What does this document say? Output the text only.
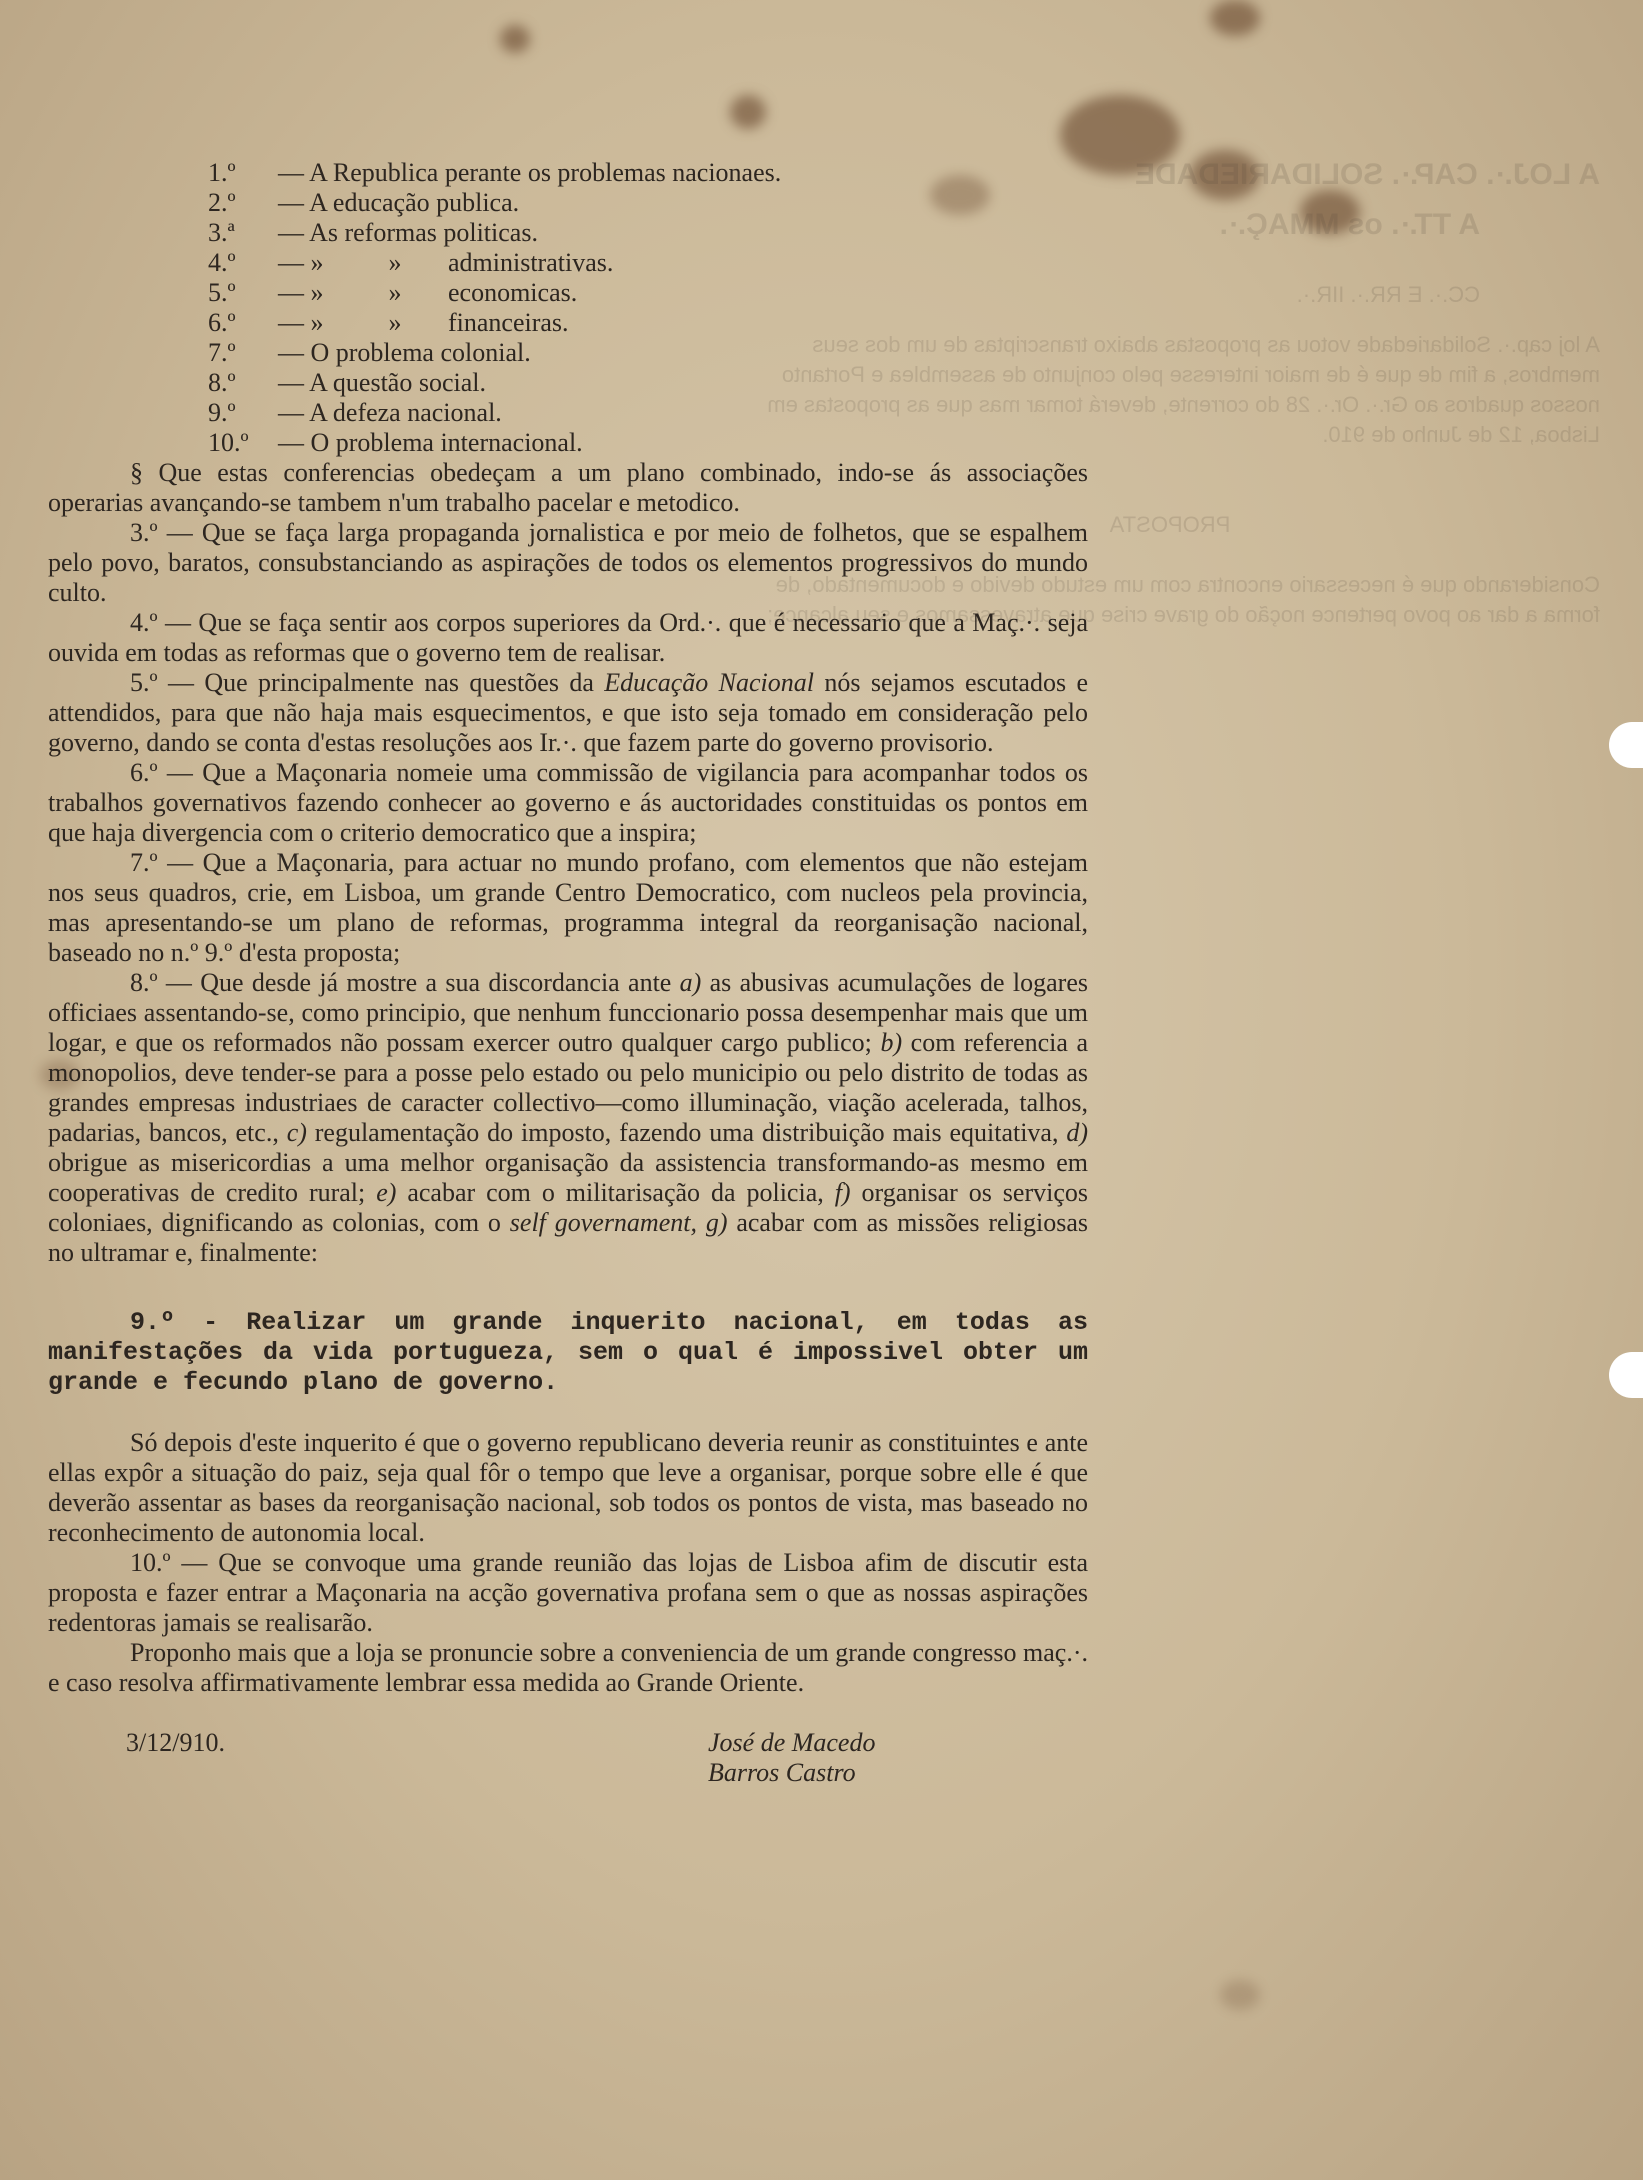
A LOJ.·. CAP.·. SOLIDARIEDADE
A TT.·. os MMAÇ.·.
CC.·. E RR.·. IIR.·.
A loj cap.·. Solidariedade votou as propostas abaixo transcriptas de um dos seus membros, a fim de que é de maior interesse pelo conjunto de assemblea e Portanto nossos quadros ao Gr.·. Or.·. 28 do corrente, deverá tomar mas que as propostas em Lisboa, 12 de Junho de 910.
PROPOSTA
Considerando que é necessario encontra com um estudo devido e documentado, de forma a dar ao povo pertence noção do grave crise que atravessamos e seu alcance;
1.º — A Republica perante os problemas nacionaes.
2.º — A educação publica.
3.ª — As reformas politicas.
4.º — »          » administrativas.
5.º — »          » economicas.
6.º — »          » financeiras.
7.º — O problema colonial.
8.º — A questão social.
9.º — A defeza nacional.
10.º — O problema internacional.

§ Que estas conferencias obedeçam a um plano combinado, indo-se ás associações operarias avançando-se tambem n'um trabalho pacelar e metodico.

3.º — Que se faça larga propaganda jornalistica e por meio de folhetos, que se espalhem pelo povo, baratos, consubstanciando as aspirações de todos os elementos progressivos do mundo culto.

4.º — Que se faça sentir aos corpos superiores da Ord.·. que é necessario que a Maç.·. seja ouvida em todas as reformas que o governo tem de realisar.

5.º — Que principalmente nas questões da Educação Nacional nós sejamos escutados e attendidos, para que não haja mais esquecimentos, e que isto seja tomado em consideração pelo governo, dando se conta d'estas resoluções aos Ir.·. que fazem parte do governo provisorio.

6.º — Que a Maçonaria nomeie uma commissão de vigilancia para acompanhar todos os trabalhos governativos fazendo conhecer ao governo e ás auctoridades constituidas os pontos em que haja divergencia com o criterio democratico que a inspira;

7.º — Que a Maçonaria, para actuar no mundo profano, com elementos que não estejam nos seus quadros, crie, em Lisboa, um grande Centro Democratico, com nucleos pela provincia, mas apresentando-se um plano de reformas, programma integral da reorganisação nacional, baseado no n.º 9.º d'esta proposta;

8.º — Que desde já mostre a sua discordancia ante a) as abusivas acumulações de logares officiaes assentando-se, como principio, que nenhum funccionario possa desempenhar mais que um logar, e que os reformados não possam exercer outro qualquer cargo publico; b) com referencia a monopolios, deve tender-se para a posse pelo estado ou pelo municipio ou pelo distrito de todas as grandes empresas industriaes de caracter collectivo—como illuminação, viação acelerada, talhos, padarias, bancos, etc., c) regulamentação do imposto, fazendo uma distribuição mais equitativa, d) obrigue as misericordias a uma melhor organisação da assistencia transformando-as mesmo em cooperativas de credito rural; e) acabar com o militarisação da policia, f) organisar os serviços coloniaes, dignificando as colonias, com o self governament, g) acabar com as missões religiosas no ultramar e, finalmente:

9.º - Realizar um grande inquerito nacional, em todas as manifestações da vida portugueza, sem o qual é impossivel obter um grande e fecundo plano de governo.

Só depois d'este inquerito é que o governo republicano deveria reunir as constituintes e ante ellas expôr a situação do paiz, seja qual fôr o tempo que leve a organisar, porque sobre elle é que deverão assentar as bases da reorganisação nacional, sob todos os pontos de vista, mas baseado no reconhecimento de autonomia local.

10.º — Que se convoque uma grande reunião das lojas de Lisboa afim de discutir esta proposta e fazer entrar a Maçonaria na acção governativa profana sem o que as nossas aspirações redentoras jamais se realisarão.

Proponho mais que a loja se pronuncie sobre a conveniencia de um grande congresso maç.·. e caso resolva affirmativamente lembrar essa medida ao Grande Oriente.

3/12/910.	José de Macedo
Barros Castro
